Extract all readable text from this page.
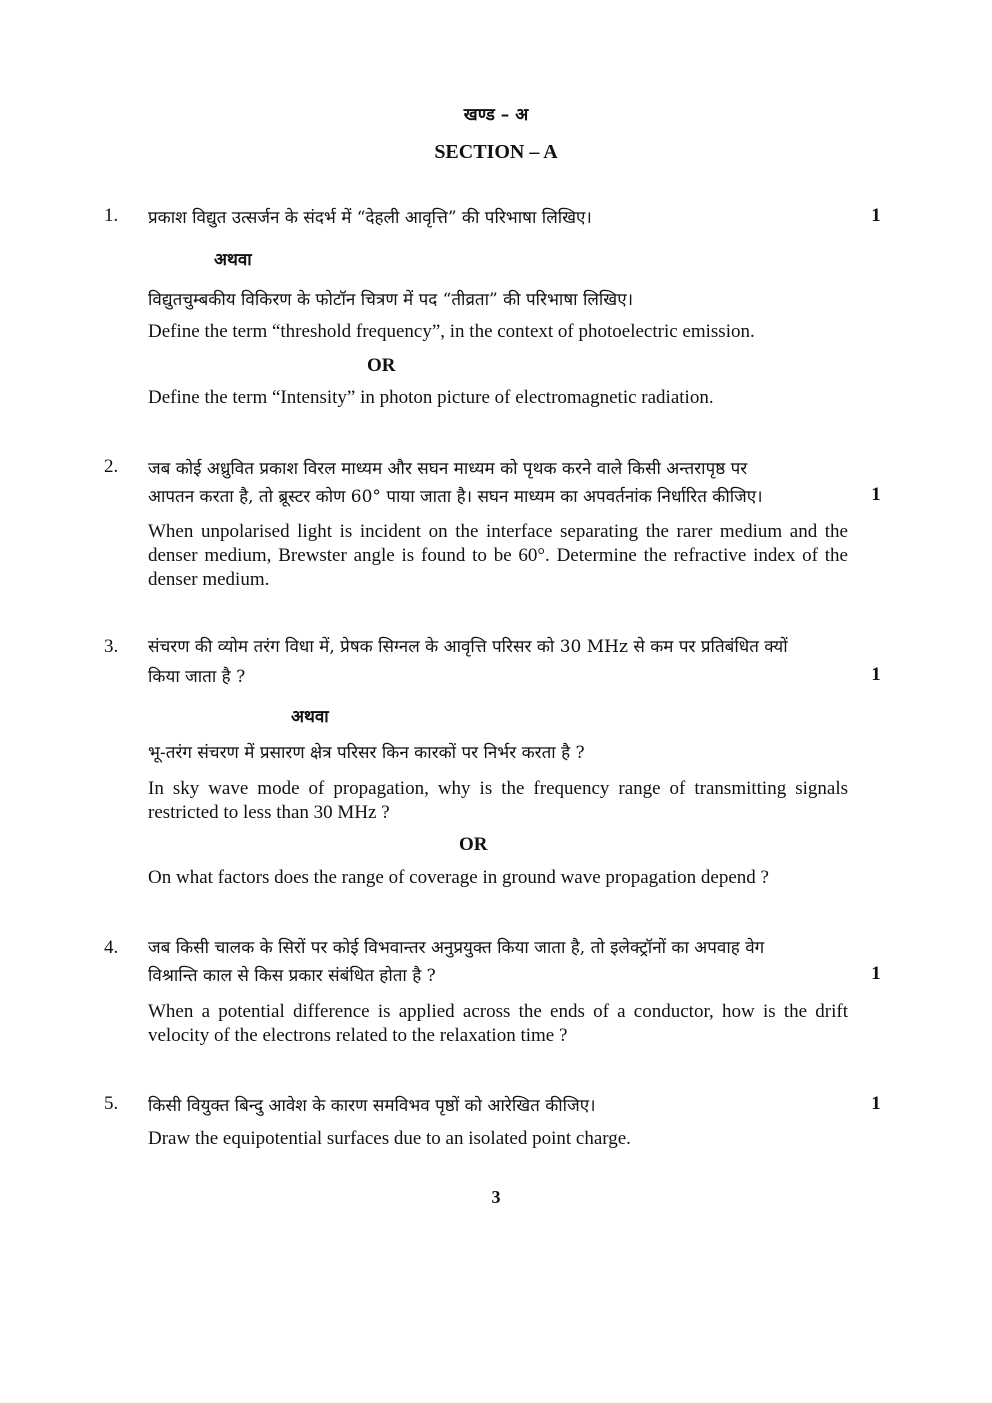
खण्ड – अ
SECTION – A
1. प्रकाश विद्युत उत्सर्जन के संदर्भ में “देहली आवृत्ति” की परिभाषा लिखिए।	1
अथवा
विद्युतचुम्बकीय विकिरण के फोटॉन चित्रण में पद “तीव्रता” की परिभाषा लिखिए।
Define the term “threshold frequency”, in the context of photoelectric emission.
OR
Define the term “Intensity” in photon picture of electromagnetic radiation.
2. जब कोई अध्रुवित प्रकाश विरल माध्यम और सघन माध्यम को पृथक करने वाले किसी अन्तरापृष्ठ पर
आपतन करता है, तो ब्रूस्टर कोण 60° पाया जाता है। सघन माध्यम का अपवर्तनांक निर्धारित कीजिए।	1
When unpolarised light is incident on the interface separating the rarer medium and the denser medium, Brewster angle is found to be 60°. Determine the refractive index of the denser medium.
3. संचरण की व्योम तरंग विधा में, प्रेषक सिग्नल के आवृत्ति परिसर को 30 MHz से कम पर प्रतिबंधित क्यों
किया जाता है ?	1
अथवा
भू-तरंग संचरण में प्रसारण क्षेत्र परिसर किन कारकों पर निर्भर करता है ?
In sky wave mode of propagation, why is the frequency range of transmitting signals restricted to less than 30 MHz ?
OR
On what factors does the range of coverage in ground wave propagation depend ?
4. जब किसी चालक के सिरों पर कोई विभवान्तर अनुप्रयुक्त किया जाता है, तो इलेक्ट्रॉनों का अपवाह वेग
विश्रान्ति काल से किस प्रकार संबंधित होता है ?	1
When a potential difference is applied across the ends of a conductor, how is the drift velocity of the electrons related to the relaxation time ?
5. किसी वियुक्त बिन्दु आवेश के कारण समविभव पृष्ठों को आरेखित कीजिए।	1
Draw the equipotential surfaces due to an isolated point charge.
3
